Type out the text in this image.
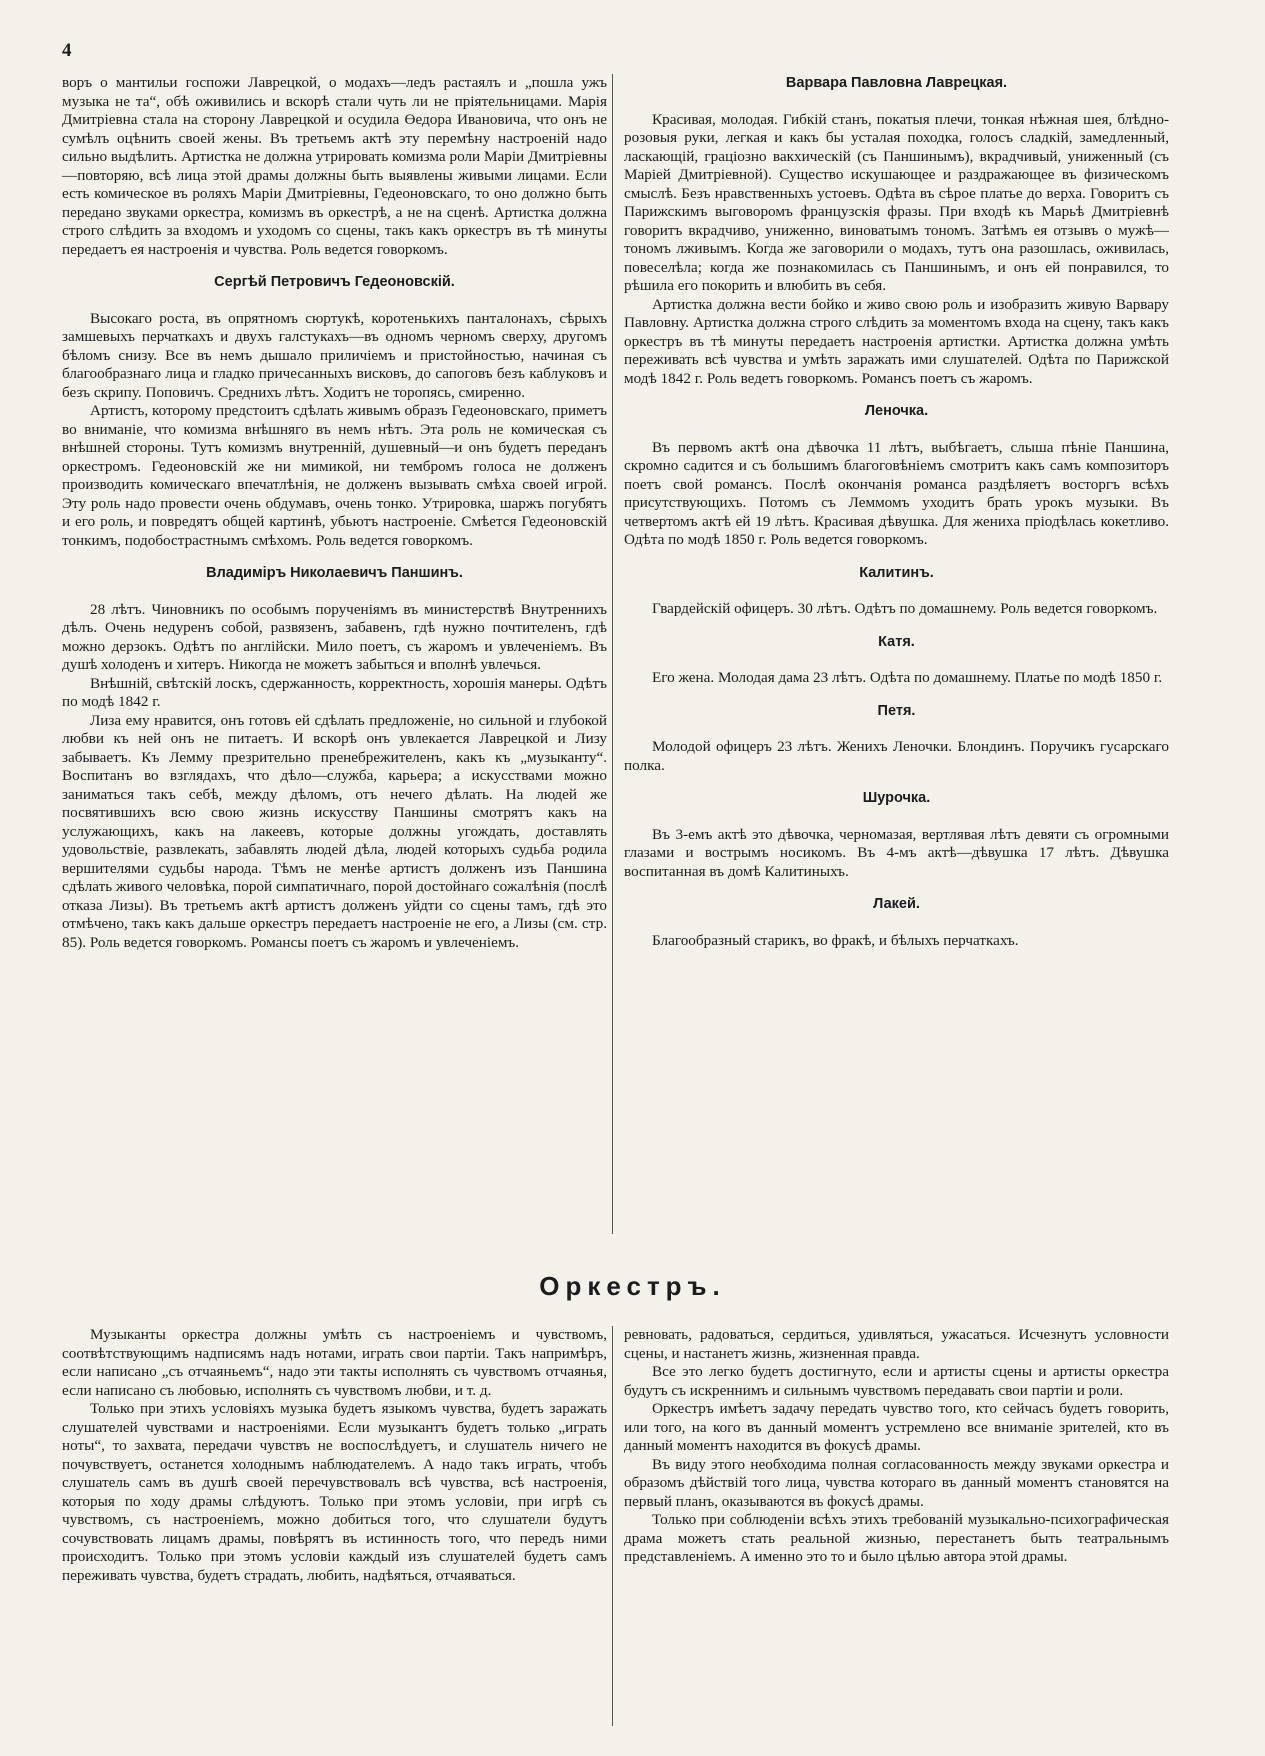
4

воръ о мантильи госпожи Лаврецкой, о модахъ—ледъ растаялъ и „пошла ужъ музыка не та“, обѣ оживились и вскорѣ стали чуть ли не пріятельницами. Марія Дмитріевна стала на сторону Лаврецкой и осудила Өедора Ивановича, что онъ не сумѣлъ оцѣнить своей жены. Въ третьемъ актѣ эту перемѣну настроеній надо сильно выдѣлить. Артистка не должна утрировать комизма роли Маріи Дмитріевны—повторяю, всѣ лица этой драмы должны быть выявлены живыми лицами. Если есть комическое въ роляхъ Маріи Дмитріевны, Гедеоновскаго, то оно должно быть передано звуками оркестра, комизмъ въ оркестрѣ, а не на сценѣ. Артистка должна строго слѣдить за входомъ и уходомъ со сцены, такъ какъ оркестръ въ тѣ минуты передаетъ ея настроенія и чувства. Роль ведется говоркомъ.

Сергѣй Петровичъ Гедеоновскій.

Высокаго роста, въ опрятномъ сюртукѣ, коротенькихъ панталонахъ, сѣрыхъ замшевыхъ перчаткахъ и двухъ галстукахъ—въ одномъ черномъ сверху, другомъ бѣломъ снизу. Все въ немъ дышало приличіемъ и пристойностью, начиная съ благообразнаго лица и гладко причесанныхъ висковъ, до сапоговъ безъ каблуковъ и безъ скрипу. Поповичъ. Среднихъ лѣтъ. Ходитъ не торопясь, смиренно.

Артистъ, которому предстоитъ сдѣлать живымъ образъ Гедеоновскаго, приметъ во вниманіе, что комизма внѣшняго въ немъ нѣтъ. Эта роль не комическая съ внѣшней стороны. Тутъ комизмъ внутренній, душевный—и онъ будетъ переданъ оркестромъ. Гедеоновскій же ни мимикой, ни тембромъ голоса не долженъ производить комическаго впечатлѣнія, не долженъ вызывать смѣха своей игрой. Эту роль надо провести очень обдумавъ, очень тонко. Утрировка, шаржъ погубятъ и его роль, и повредятъ общей картинѣ, убьютъ настроеніе. Смѣется Гедеоновскій тонкимъ, подобострастнымъ смѣхомъ. Роль ведется говоркомъ.

Владиміръ Николаевичъ Паншинъ.

28 лѣтъ. Чиновникъ по особымъ порученіямъ въ министерствѣ Внутреннихъ дѣлъ. Очень недуренъ собой, развязенъ, забавенъ, гдѣ нужно почтителенъ, гдѣ можно дерзокъ. Одѣтъ по англійски. Мило поетъ, съ жаромъ и увлеченіемъ. Въ душѣ холоденъ и хитеръ. Никогда не можетъ забыться и вполнѣ увлечься.

Внѣшній, свѣтскій лоскъ, сдержанность, корректность, хорошія манеры. Одѣтъ по модѣ 1842 г.

Лиза ему нравится, онъ готовъ ей сдѣлать предложеніе, но сильной и глубокой любви къ ней онъ не питаетъ. И вскорѣ онъ увлекается Лаврецкой и Лизу забываетъ. Къ Лемму презрительно пренебрежителенъ, какъ къ „музыканту“. Воспитанъ во взглядахъ, что дѣло—служба, карьера; а искусствами можно заниматься такъ себѣ, между дѣломъ, отъ нечего дѣлать. На людей же посвятившихъ всю свою жизнь искусству Паншины смотрятъ какъ на услужающихъ, какъ на лакеевъ, которые должны угождать, доставлять удовольствіе, развлекать, забавлять людей дѣла, людей которыхъ судьба родила вершителями судьбы народа. Тѣмъ не менѣе артистъ долженъ изъ Паншина сдѣлать живого человѣка, порой симпатичнаго, порой достойнаго сожалѣнія (послѣ отказа Лизы). Въ третьемъ актѣ артистъ долженъ уйдти со сцены тамъ, гдѣ это отмѣчено, такъ какъ дальше оркестръ передаетъ настроеніе не его, а Лизы (см. стр. 85). Роль ведется говоркомъ. Романсы поетъ съ жаромъ и увлеченіемъ.

Варвара Павловна Лаврецкая.

Красивая, молодая. Гибкій станъ, покатыя плечи, тонкая нѣжная шея, блѣдно-розовыя руки, легкая и какъ бы усталая походка, голосъ сладкій, замедленный, ласкающій, граціозно вакхическій (съ Паншинымъ), вкрадчивый, униженный (съ Маріей Дмитріевной). Существо искушающее и раздражающее въ физическомъ смыслѣ. Безъ нравственныхъ устоевъ. Одѣта въ сѣрое платье до верха. Говоритъ съ Парижскимъ выговоромъ французскія фразы. При входѣ къ Марьѣ Дмитріевнѣ говоритъ вкрадчиво, униженно, виноватымъ тономъ. Затѣмъ ея отзывъ о мужѣ—тономъ лживымъ. Когда же заговорили о модахъ, тутъ она разошлась, оживилась, повеселѣла; когда же познакомилась съ Паншинымъ, и онъ ей понравился, то рѣшила его покорить и влюбить въ себя.

Артистка должна вести бойко и живо свою роль и изобразить живую Варвару Павловну. Артистка должна строго слѣдить за моментомъ входа на сцену, такъ какъ оркестръ въ тѣ минуты передаетъ настроенія артистки. Артистка должна умѣть переживать всѣ чувства и умѣть заражать ими слушателей. Одѣта по Парижской модѣ 1842 г. Роль ведетъ говоркомъ. Романсъ поетъ съ жаромъ.

Леночка.

Въ первомъ актѣ она дѣвочка 11 лѣтъ, выбѣгаетъ, слыша пѣніе Паншина, скромно садится и съ большимъ благоговѣніемъ смотритъ какъ самъ композиторъ поетъ свой романсъ. Послѣ окончанія романса раздѣляетъ восторгъ всѣхъ присутствующихъ. Потомъ съ Леммомъ уходитъ брать урокъ музыки. Въ четвертомъ актѣ ей 19 лѣтъ. Красивая дѣвушка. Для жениха пріодѣлась кокетливо. Одѣта по модѣ 1850 г. Роль ведется говоркомъ.

Калитинъ.

Гвардейскій офицеръ. 30 лѣтъ. Одѣтъ по домашнему. Роль ведется говоркомъ.

Катя.

Его жена. Молодая дама 23 лѣтъ. Одѣта по домашнему. Платье по модѣ 1850 г.

Петя.

Молодой офицеръ 23 лѣтъ. Женихъ Леночки. Блондинъ. Поручикъ гусарскаго полка.

Шурочка.

Въ 3-емъ актѣ это дѣвочка, черномазая, вертлявая лѣтъ девяти съ огромными глазами и вострымъ носикомъ. Въ 4-мъ актѣ—дѣвушка 17 лѣтъ. Дѣвушка воспитанная въ домѣ Калитиныхъ.

Лакей.

Благообразный старикъ, во фракѣ, и бѣлыхъ перчаткахъ.

Оркестръ.

Музыканты оркестра должны умѣть съ настроеніемъ и чувствомъ, соотвѣтствующимъ надписямъ надъ нотами, играть свои партіи. Такъ напримѣръ, если написано „съ отчаяньемъ“, надо эти такты исполнять съ чувствомъ отчаянья, если написано съ любовью, исполнять съ чувствомъ любви, и т. д.

Только при этихъ условіяхъ музыка будетъ языкомъ чувства, будетъ заражать слушателей чувствами и настроеніями. Если музыкантъ будетъ только „играть ноты“, то захвата, передачи чувствъ не воспослѣдуетъ, и слушатель ничего не почувствуетъ, останется холоднымъ наблюдателемъ. А надо такъ играть, чтобъ слушатель самъ въ душѣ своей перечувствовалъ всѣ чувства, всѣ настроенія, которыя по ходу драмы слѣдуютъ. Только при этомъ условіи, при игрѣ съ чувствомъ, съ настроеніемъ, можно добиться того, что слушатели будутъ сочувствовать лицамъ драмы, повѣрятъ въ истинность того, что передъ ними происходитъ. Только при этомъ условіи каждый изъ слушателей будетъ самъ переживать чувства, будетъ страдать, любить, надѣяться, отчаяваться.

ревновать, радоваться, сердиться, удивляться, ужасаться. Исчезнутъ условности сцены, и настанетъ жизнь, жизненная правда.

Все это легко будетъ достигнуто, если и артисты сцены и артисты оркестра будутъ съ искреннимъ и сильнымъ чувствомъ передавать свои партіи и роли.

Оркестръ имѣетъ задачу передать чувство того, кто сейчасъ будетъ говорить, или того, на кого въ данный моментъ устремлено все вниманіе зрителей, кто въ данный моментъ находится въ фокусѣ драмы.

Въ виду этого необходима полная согласованность между звуками оркестра и образомъ дѣйствій того лица, чувства котораго въ данный моментъ становятся на первый планъ, оказываются въ фокусѣ драмы.

Только при соблюденіи всѣхъ этихъ требованій музыкально-психографическая драма можетъ стать реальной жизнью, перестанетъ быть театральнымъ представленіемъ. А именно это то и было цѣлью автора этой драмы.
